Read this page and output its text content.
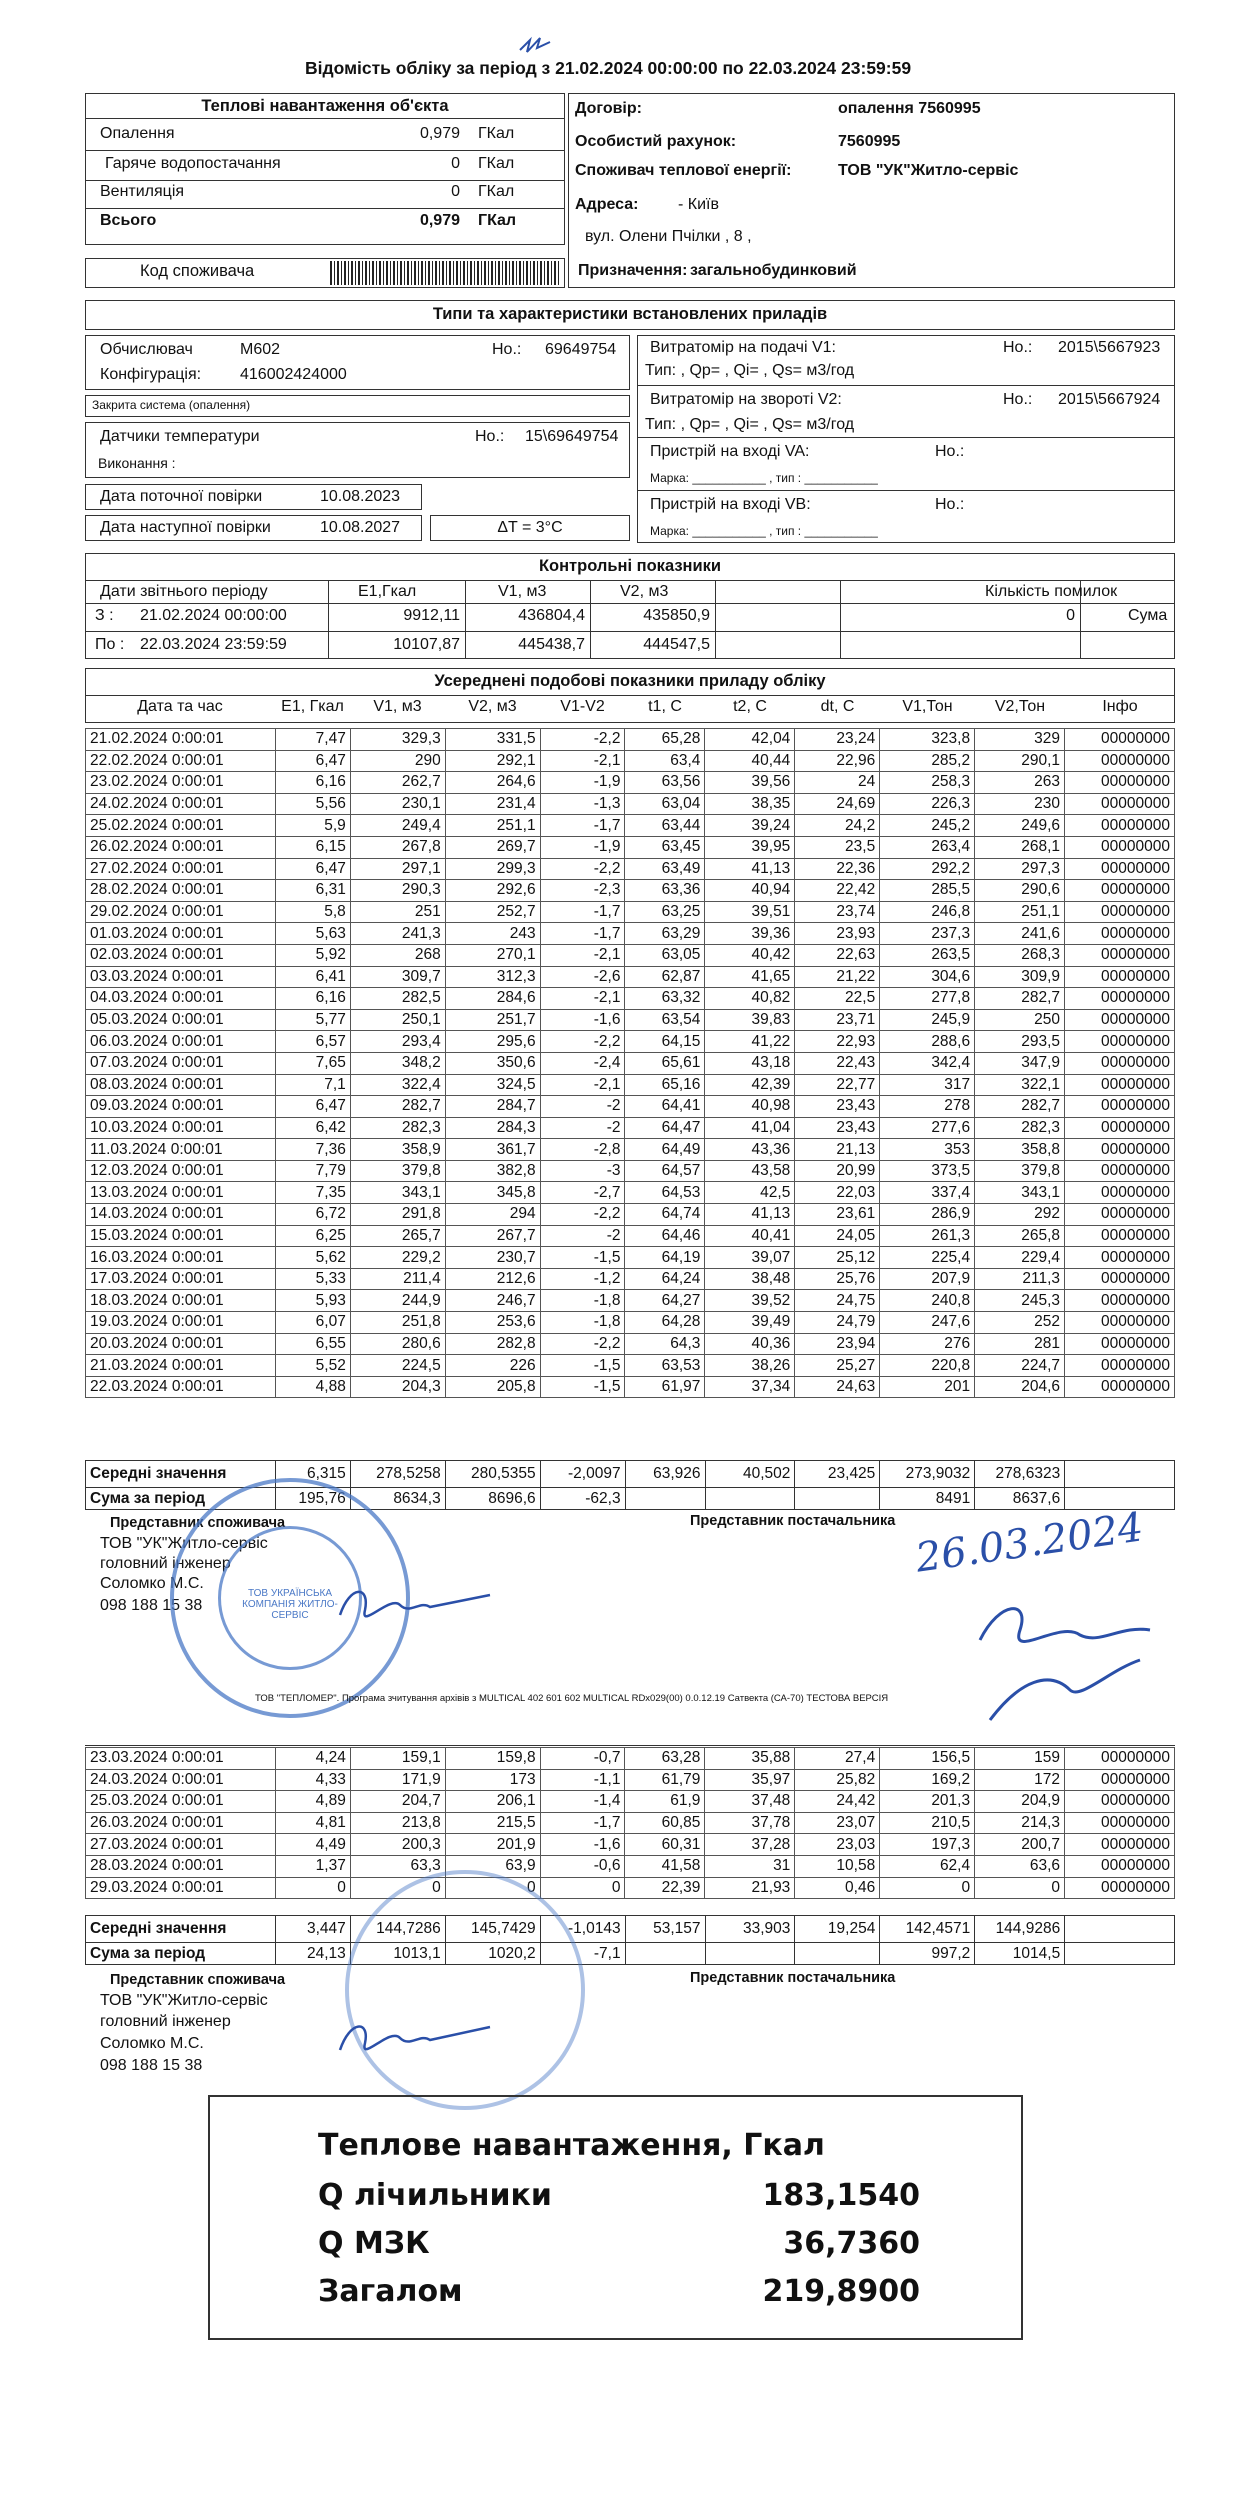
Відомість обліку за період з 21.02.2024 00:00:00 по 22.03.2024 23:59:59
Теплові навантаження об'єкта
Опалення	0,979 ГКал
Гаряче водопостачання	0 ГКал
Вентиляція	0 ГКал
Всього	0,979 ГКал
Код споживача
Договір:	опалення 7560995
Особистий рахунок:	7560995
Споживач теплової енергії:	ТОВ "УК"Житло-сервіс
Адреса: - Київ
вул. Олени Пчілки , 8 ,
Призначення: загальнобудинковий
Типи та характеристики встановлених приладів
Обчислювач	M602	Но.: 69649754
Конфігурація: 416002424000
Закрита система (опалення)
Датчики температури	Но.: 15\69649754
Виконання :
Дата поточної повірки	10.08.2023
Дата наступної повірки	10.08.2027	ΔT = 3°C
Витратомір на подачі V1:	Но.: 2015\5667923
Тип: , Qp= , Qi= , Qs= м3/год
Витратомір на звороті V2:	Но.: 2015\5667924
Тип: , Qp= , Qi= , Qs= м3/год
Пристрій на вході VA:	Но.:
Марка: ___________ , тип : ___________
Пристрій на вході VB:	Но.:
Марка: ___________ , тип : ___________
Контрольні показники
Дати звітнього періоду	E1,Гкал	V1, м3	V2, м3	Кількість помилок
З : 21.02.2024 00:00:00	9912,11	436804,4	435850,9	0	Сума
По : 22.03.2024 23:59:59	10107,87	445438,7	444547,5
Усереднені подобові показники приладу обліку
Дата та час	E1, Гкал	V1, м3	V2, м3	V1-V2	t1, C	t2, C	dt, C	V1,Тон	V2,Тон	Інфо
21.02.2024 0:00:01	7,47	329,3	331,5	-2,2	65,28	42,04	23,24	323,8	329	00000000
22.02.2024 0:00:01	6,47	290	292,1	-2,1	63,4	40,44	22,96	285,2	290,1	00000000
23.02.2024 0:00:01	6,16	262,7	264,6	-1,9	63,56	39,56	24	258,3	263	00000000
24.02.2024 0:00:01	5,56	230,1	231,4	-1,3	63,04	38,35	24,69	226,3	230	00000000
25.02.2024 0:00:01	5,9	249,4	251,1	-1,7	63,44	39,24	24,2	245,2	249,6	00000000
26.02.2024 0:00:01	6,15	267,8	269,7	-1,9	63,45	39,95	23,5	263,4	268,1	00000000
27.02.2024 0:00:01	6,47	297,1	299,3	-2,2	63,49	41,13	22,36	292,2	297,3	00000000
28.02.2024 0:00:01	6,31	290,3	292,6	-2,3	63,36	40,94	22,42	285,5	290,6	00000000
29.02.2024 0:00:01	5,8	251	252,7	-1,7	63,25	39,51	23,74	246,8	251,1	00000000
01.03.2024 0:00:01	5,63	241,3	243	-1,7	63,29	39,36	23,93	237,3	241,6	00000000
02.03.2024 0:00:01	5,92	268	270,1	-2,1	63,05	40,42	22,63	263,5	268,3	00000000
03.03.2024 0:00:01	6,41	309,7	312,3	-2,6	62,87	41,65	21,22	304,6	309,9	00000000
04.03.2024 0:00:01	6,16	282,5	284,6	-2,1	63,32	40,82	22,5	277,8	282,7	00000000
05.03.2024 0:00:01	5,77	250,1	251,7	-1,6	63,54	39,83	23,71	245,9	250	00000000
06.03.2024 0:00:01	6,57	293,4	295,6	-2,2	64,15	41,22	22,93	288,6	293,5	00000000
07.03.2024 0:00:01	7,65	348,2	350,6	-2,4	65,61	43,18	22,43	342,4	347,9	00000000
08.03.2024 0:00:01	7,1	322,4	324,5	-2,1	65,16	42,39	22,77	317	322,1	00000000
09.03.2024 0:00:01	6,47	282,7	284,7	-2	64,41	40,98	23,43	278	282,7	00000000
10.03.2024 0:00:01	6,42	282,3	284,3	-2	64,47	41,04	23,43	277,6	282,3	00000000
11.03.2024 0:00:01	7,36	358,9	361,7	-2,8	64,49	43,36	21,13	353	358,8	00000000
12.03.2024 0:00:01	7,79	379,8	382,8	-3	64,57	43,58	20,99	373,5	379,8	00000000
13.03.2024 0:00:01	7,35	343,1	345,8	-2,7	64,53	42,5	22,03	337,4	343,1	00000000
14.03.2024 0:00:01	6,72	291,8	294	-2,2	64,74	41,13	23,61	286,9	292	00000000
15.03.2024 0:00:01	6,25	265,7	267,7	-2	64,46	40,41	24,05	261,3	265,8	00000000
16.03.2024 0:00:01	5,62	229,2	230,7	-1,5	64,19	39,07	25,12	225,4	229,4	00000000
17.03.2024 0:00:01	5,33	211,4	212,6	-1,2	64,24	38,48	25,76	207,9	211,3	00000000
18.03.2024 0:00:01	5,93	244,9	246,7	-1,8	64,27	39,52	24,75	240,8	245,3	00000000
19.03.2024 0:00:01	6,07	251,8	253,6	-1,8	64,28	39,49	24,79	247,6	252	00000000
20.03.2024 0:00:01	6,55	280,6	282,8	-2,2	64,3	40,36	23,94	276	281	00000000
21.03.2024 0:00:01	5,52	224,5	226	-1,5	63,53	38,26	25,27	220,8	224,7	00000000
22.03.2024 0:00:01	4,88	204,3	205,8	-1,5	61,97	37,34	24,63	201	204,6	00000000
Середні значення	6,315	278,5258	280,5355	-2,0097	63,926	40,502	23,425	273,9032	278,6323	
Сума за період	195,76	8634,3	8696,6	-62,3				8491	8637,6	
Представник споживача	Представник постачальника
ТОВ "УК"Житло-сервіс
головний інженер
Соломко М.С.
098 188 15 38
ТОВ УКРАЇНСЬКА КОМПАНІЯ ЖИТЛО-СЕРВІС
26.03.2024
ТОВ "ТЕПЛОМЕР". Програма зчитування архівів з MULTICAL 402 601 602 MULTICAL RDx029(00) 0.0.12.19 Сатвекта (СА-70) ТЕСТОВА ВЕРСІЯ
23.03.2024 0:00:01	4,24	159,1	159,8	-0,7	63,28	35,88	27,4	156,5	159	00000000
24.03.2024 0:00:01	4,33	171,9	173	-1,1	61,79	35,97	25,82	169,2	172	00000000
25.03.2024 0:00:01	4,89	204,7	206,1	-1,4	61,9	37,48	24,42	201,3	204,9	00000000
26.03.2024 0:00:01	4,81	213,8	215,5	-1,7	60,85	37,78	23,07	210,5	214,3	00000000
27.03.2024 0:00:01	4,49	200,3	201,9	-1,6	60,31	37,28	23,03	197,3	200,7	00000000
28.03.2024 0:00:01	1,37	63,3	63,9	-0,6	41,58	31	10,58	62,4	63,6	00000000
29.03.2024 0:00:01	0	0	0	0	22,39	21,93	0,46	0	0	00000000
Середні значення	3,447	144,7286	145,7429	-1,0143	53,157	33,903	19,254	142,4571	144,9286	
Сума за період	24,13	1013,1	1020,2	-7,1				997,2	1014,5	
Представник споживача	Представник постачальника
ТОВ "УК"Житло-сервіс
головний інженер
Соломко М.С.
098 188 15 38
Теплове навантаження, Гкал
Q лічильники	183,1540
Q МЗК	36,7360
Загалом	219,8900
